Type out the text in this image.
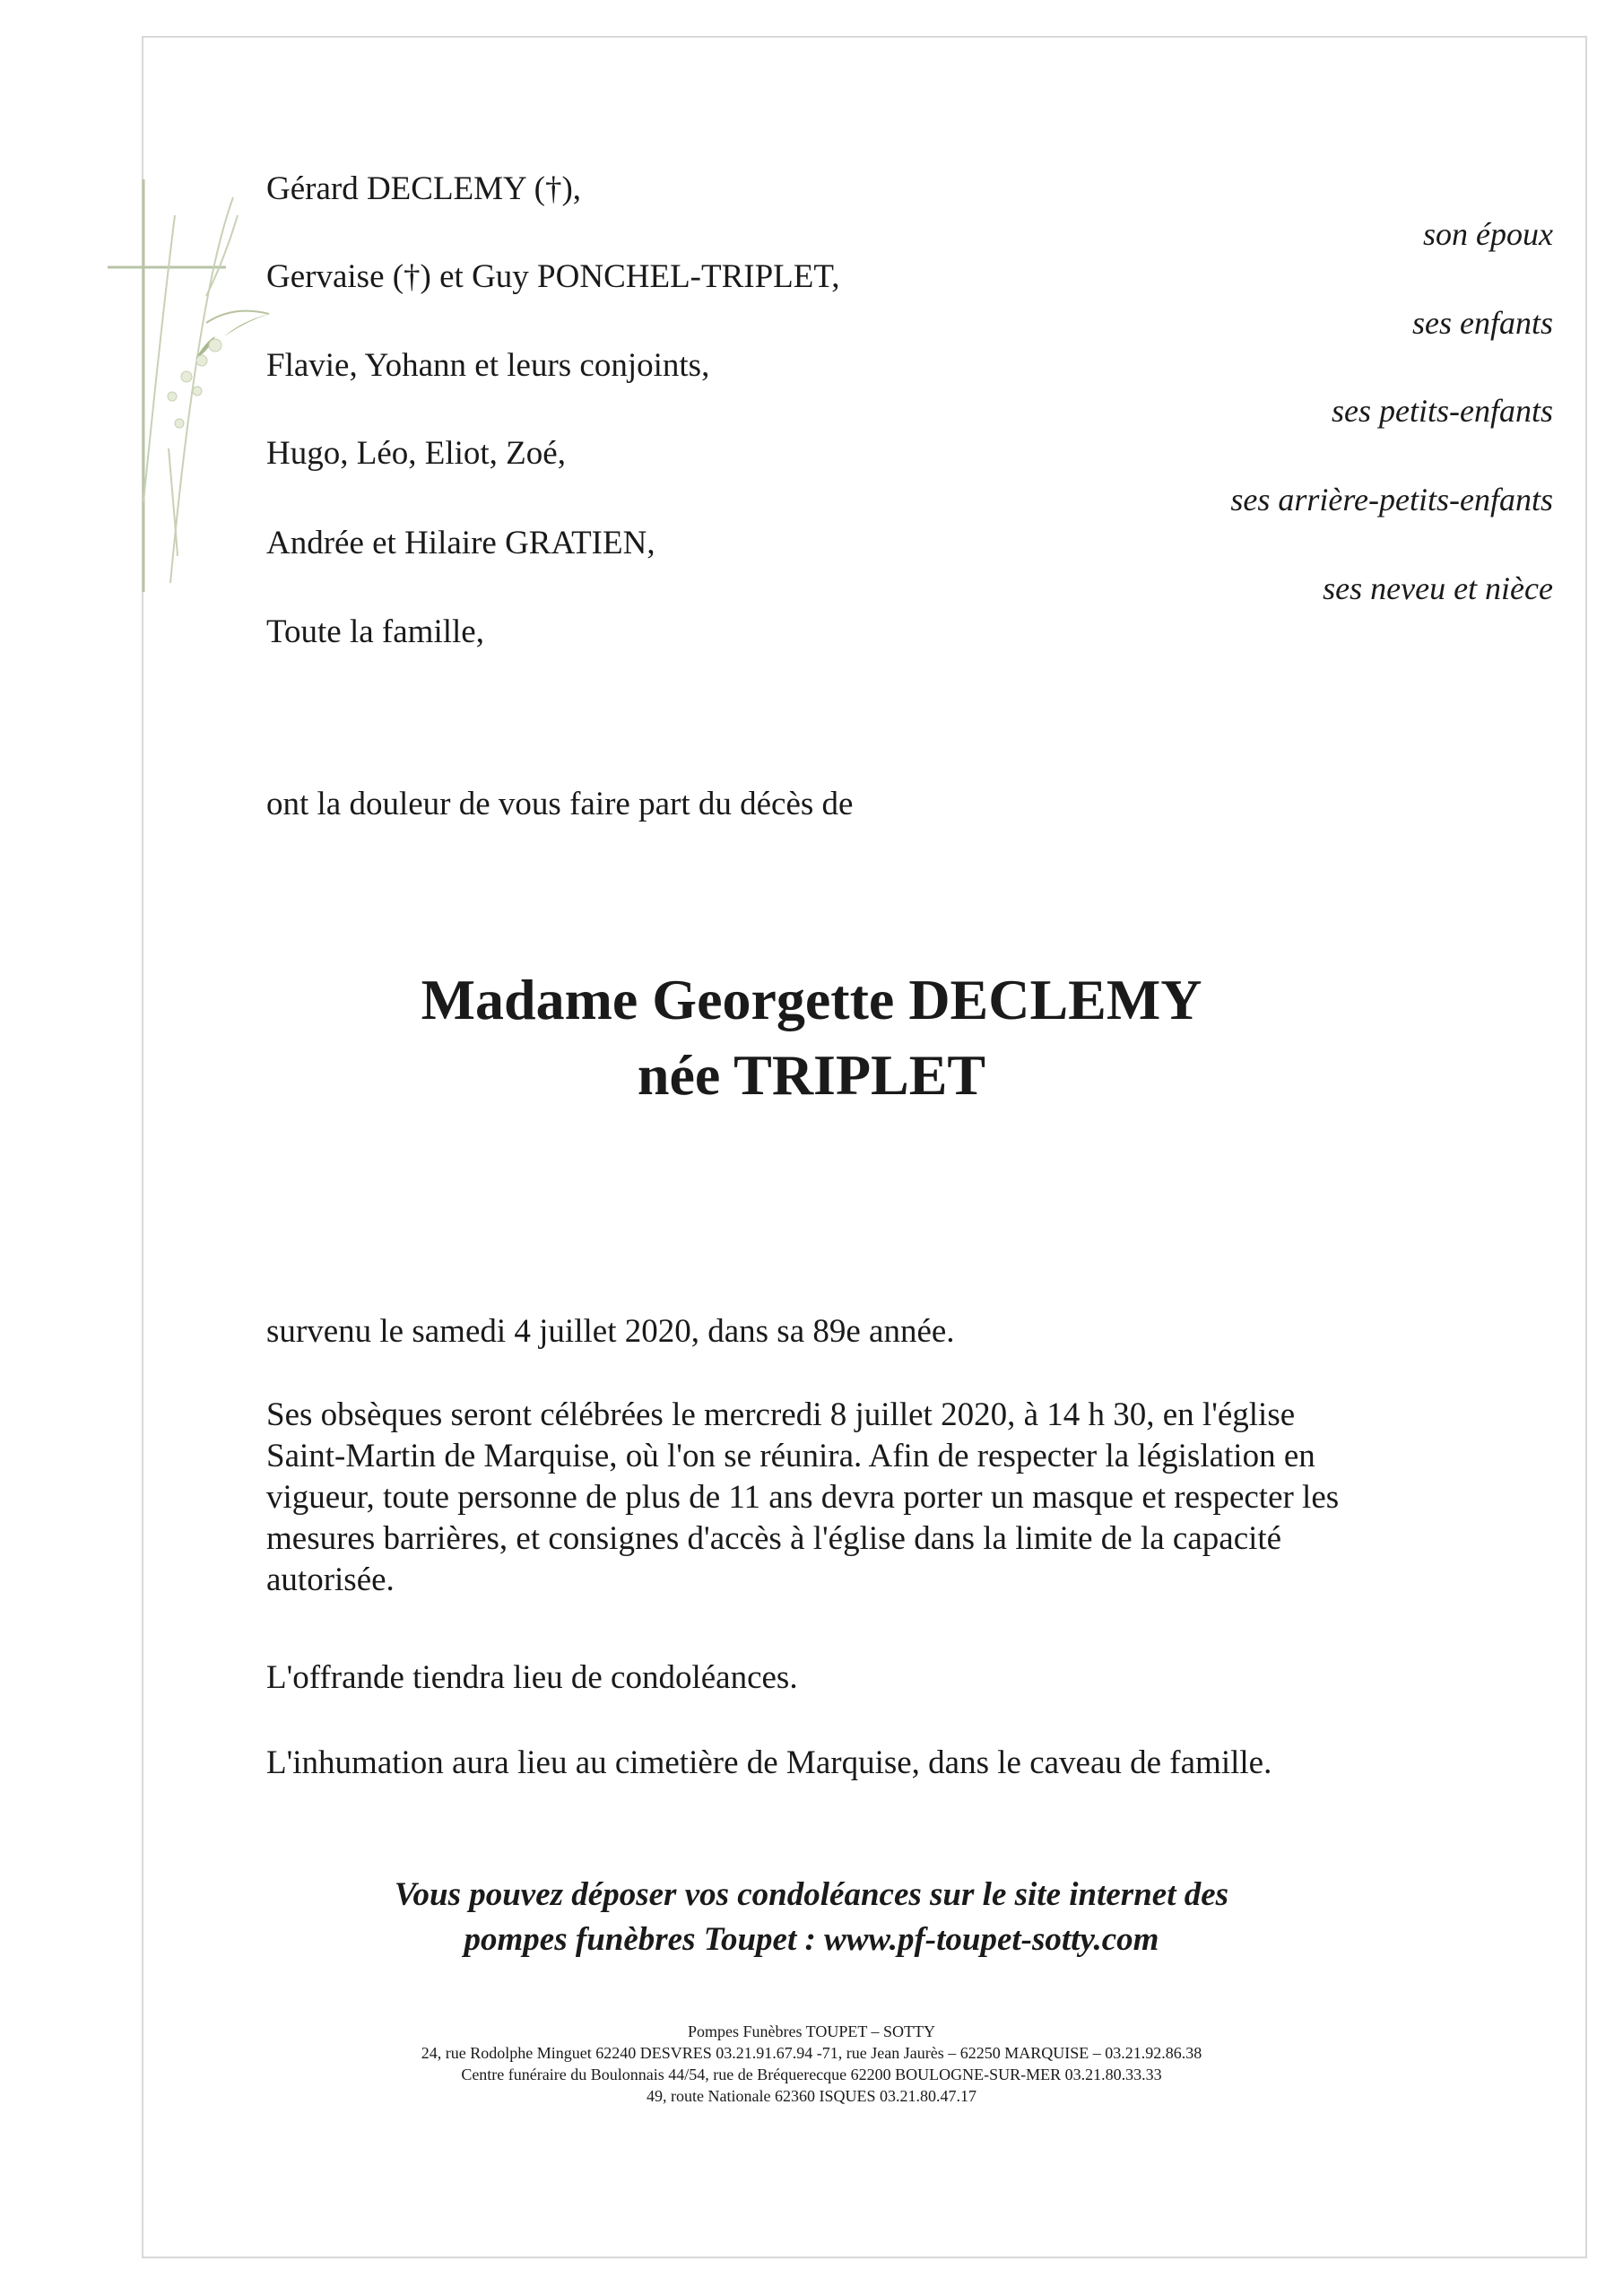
Gérard DECLEMY (†),
Gervaise (†) et Guy PONCHEL-TRIPLET,
Flavie, Yohann et leurs conjoints,
Hugo, Léo, Eliot, Zoé,
Andrée et Hilaire GRATIEN,
Toute la famille,
son époux
ses enfants
ses petits-enfants
ses arrière-petits-enfants
ses neveu et nièce
ont la douleur de vous faire part du décès de
Madame Georgette DECLEMY
née TRIPLET
survenu le samedi 4 juillet 2020, dans sa 89e année.
Ses obsèques seront célébrées le mercredi 8 juillet 2020, à 14 h 30, en l'église
Saint-Martin de Marquise, où l'on se réunira. Afin de respecter la législation en
vigueur, toute personne de plus de 11 ans devra porter un masque et respecter les
mesures barrières, et consignes d'accès à l'église dans la limite de la capacité
autorisée.
L'offrande tiendra lieu de condoléances.
L'inhumation aura lieu au cimetière de Marquise, dans le caveau de famille.
Vous pouvez déposer vos condoléances sur le site internet des
pompes funèbres Toupet : www.pf-toupet-sotty.com
Pompes Funèbres TOUPET – SOTTY
24, rue Rodolphe Minguet 62240 DESVRES 03.21.91.67.94 -71, rue Jean Jaurès – 62250 MARQUISE – 03.21.92.86.38
Centre funéraire du Boulonnais 44/54, rue de Bréquerecque 62200 BOULOGNE-SUR-MER 03.21.80.33.33
49, route Nationale 62360 ISQUES 03.21.80.47.17
